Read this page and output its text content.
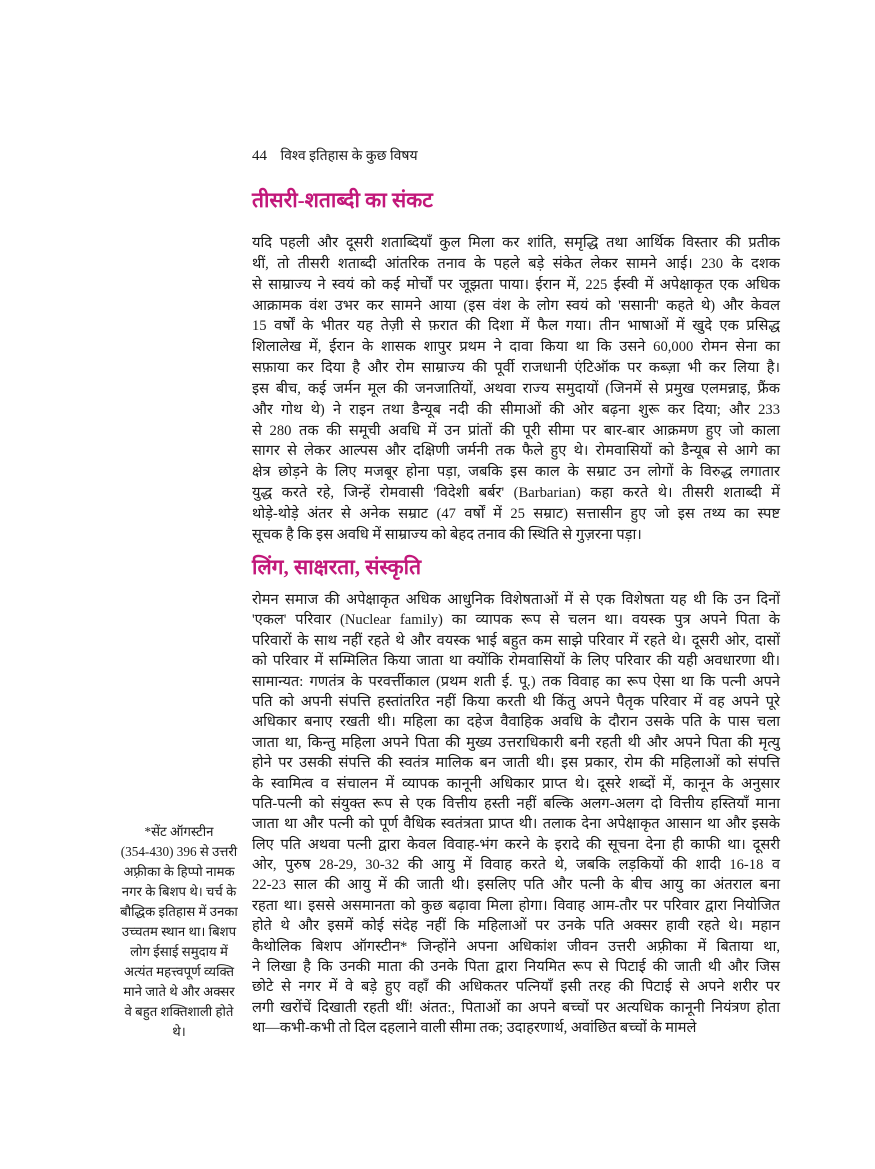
44 विश्व इतिहास के कुछ विषय
तीसरी-शताब्दी का संकट
यदि पहली और दूसरी शताब्दियाँ कुल मिला कर शांति, समृद्धि तथा आर्थिक विस्तार की प्रतीक
थीं, तो तीसरी शताब्दी आंतरिक तनाव के पहले बड़े संकेत लेकर सामने आई। 230 के दशक
से साम्राज्य ने स्वयं को कई मोर्चों पर जूझता पाया। ईरान में, 225 ईस्वी में अपेक्षाकृत एक अधिक
आक्रामक वंश उभर कर सामने आया (इस वंश के लोग स्वयं को 'ससानी' कहते थे) और केवल
15 वर्षों के भीतर यह तेज़ी से फ़रात की दिशा में फैल गया। तीन भाषाओं में खुदे एक प्रसिद्ध
शिलालेख में, ईरान के शासक शापुर प्रथम ने दावा किया था कि उसने 60,000 रोमन सेना का
सफ़ाया कर दिया है और रोम साम्राज्य की पूर्वी राजधानी एंटिऑक पर कब्ज़ा भी कर लिया है।
इस बीच, कई जर्मन मूल की जनजातियों, अथवा राज्य समुदायों (जिनमें से प्रमुख एलमन्नाइ, फ्रैंक
और गोथ थे) ने राइन तथा डैन्यूब नदी की सीमाओं की ओर बढ़ना शुरू कर दिया; और 233
से 280 तक की समूची अवधि में उन प्रांतों की पूरी सीमा पर बार-बार आक्रमण हुए जो काला
सागर से लेकर आल्पस और दक्षिणी जर्मनी तक फैले हुए थे। रोमवासियों को डैन्यूब से आगे का
क्षेत्र छोड़ने के लिए मजबूर होना पड़ा, जबकि इस काल के सम्राट उन लोगों के विरुद्ध लगातार
युद्ध करते रहे, जिन्हें रोमवासी 'विदेशी बर्बर' (Barbarian) कहा करते थे। तीसरी शताब्दी में
थोड़े-थोड़े अंतर से अनेक सम्राट (47 वर्षों में 25 सम्राट) सत्तासीन हुए जो इस तथ्य का स्पष्ट
सूचक है कि इस अवधि में साम्राज्य को बेहद तनाव की स्थिति से गुज़रना पड़ा।
लिंग, साक्षरता, संस्कृति
रोमन समाज की अपेक्षाकृत अधिक आधुनिक विशेषताओं में से एक विशेषता यह थी कि उन दिनों
'एकल' परिवार (Nuclear family) का व्यापक रूप से चलन था। वयस्क पुत्र अपने पिता के
परिवारों के साथ नहीं रहते थे और वयस्क भाई बहुत कम साझे परिवार में रहते थे। दूसरी ओर, दासों
को परिवार में सम्मिलित किया जाता था क्योंकि रोमवासियों के लिए परिवार की यही अवधारणा थी।
सामान्यत: गणतंत्र के परवर्त्तीकाल (प्रथम शती ई. पू.) तक विवाह का रूप ऐसा था कि पत्नी अपने
पति को अपनी संपत्ति हस्तांतरित नहीं किया करती थी किंतु अपने पैतृक परिवार में वह अपने पूरे
अधिकार बनाए रखती थी। महिला का दहेज वैवाहिक अवधि के दौरान उसके पति के पास चला
जाता था, किन्तु महिला अपने पिता की मुख्य उत्तराधिकारी बनी रहती थी और अपने पिता की मृत्यु
होने पर उसकी संपत्ति की स्वतंत्र मालिक बन जाती थी। इस प्रकार, रोम की महिलाओं को संपत्ति
के स्वामित्व व संचालन में व्यापक कानूनी अधिकार प्राप्त थे। दूसरे शब्दों में, कानून के अनुसार
पति-पत्नी को संयुक्त रूप से एक वित्तीय हस्ती नहीं बल्कि अलग-अलग दो वित्तीय हस्तियाँ माना
जाता था और पत्नी को पूर्ण वैधिक स्वतंत्रता प्राप्त थी। तलाक देना अपेक्षाकृत आसान था और इसके
लिए पति अथवा पत्नी द्वारा केवल विवाह-भंग करने के इरादे की सूचना देना ही काफी था। दूसरी
ओर, पुरुष 28-29, 30-32 की आयु में विवाह करते थे, जबकि लड़कियों की शादी 16-18 व
22-23 साल की आयु में की जाती थी। इसलिए पति और पत्नी के बीच आयु का अंतराल बना
रहता था। इससे असमानता को कुछ बढ़ावा मिला होगा। विवाह आम-तौर पर परिवार द्वारा नियोजित
होते थे और इसमें कोई संदेह नहीं कि महिलाओं पर उनके पति अक्सर हावी रहते थे। महान
कैथोलिक बिशप ऑगस्टीन* जिन्होंने अपना अधिकांश जीवन उत्तरी अफ़्रीका में बिताया था,
ने लिखा है कि उनकी माता की उनके पिता द्वारा नियमित रूप से पिटाई की जाती थी और जिस
छोटे से नगर में वे बड़े हुए वहाँ की अधिकतर पत्नियाँ इसी तरह की पिटाई से अपने शरीर पर
लगी खरोंचें दिखाती रहती थीं! अंतत:, पिताओं का अपने बच्चों पर अत्यधिक कानूनी नियंत्रण होता
था—कभी-कभी तो दिल दहलाने वाली सीमा तक; उदाहरणार्थ, अवांछित बच्चों के मामले
*सेंट ऑगस्टीन
(354-430) 396 से उत्तरी
अफ़्रीका के हिप्पो नामक
नगर के बिशप थे। चर्च के
बौद्धिक इतिहास में उनका
उच्चतम स्थान था। बिशप
लोग ईसाई समुदाय में
अत्यंत महत्त्वपूर्ण व्यक्ति
माने जाते थे और अक्सर
वे बहुत शक्तिशाली होते
थे।
